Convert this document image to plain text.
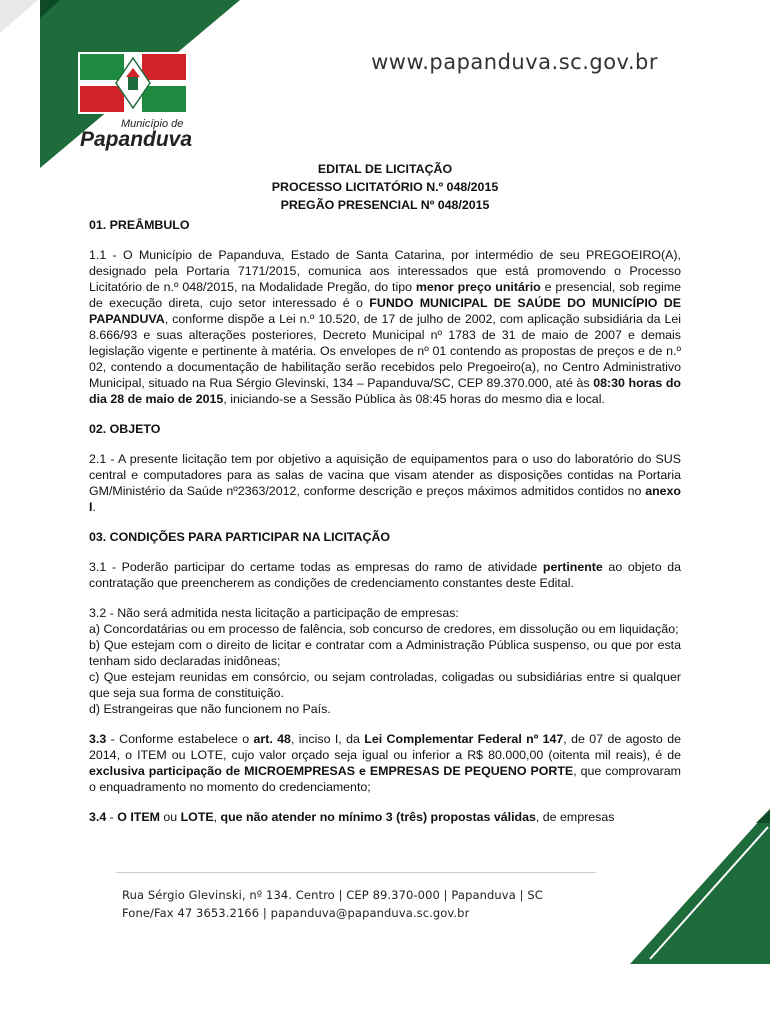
www.papanduva.sc.gov.br
Município de
Papanduva
EDITAL DE LICITAÇÃO
PROCESSO LICITATÓRIO N.º 048/2015
PREGÃO PRESENCIAL Nº 048/2015
01. PREÂMBULO

1.1 - O Município de Papanduva, Estado de Santa Catarina, por intermédio de seu PREGOEIRO(A), designado pela Portaria 7171/2015, comunica aos interessados que está promovendo o Processo Licitatório de n.º 048/2015, na Modalidade Pregão, do tipo menor preço unitário e presencial, sob regime de execução direta, cujo setor interessado é o FUNDO MUNICIPAL DE SAÚDE DO MUNICÍPIO DE PAPANDUVA, conforme dispõe a Lei n.º 10.520, de 17 de julho de 2002, com aplicação subsidiária da Lei 8.666/93 e suas alterações posteriores, Decreto Municipal nº 1783 de 31 de maio de 2007 e demais legislação vigente e pertinente à matéria. Os envelopes de nº 01 contendo as propostas de preços e de n.º 02, contendo a documentação de habilitação serão recebidos pelo Pregoeiro(a), no Centro Administrativo Municipal, situado na Rua Sérgio Glevinski, 134 – Papanduva/SC, CEP 89.370.000, até às 08:30 horas do dia 28 de maio de 2015, iniciando-se a Sessão Pública às 08:45 horas do mesmo dia e local.

02. OBJETO

2.1 - A presente licitação tem por objetivo a aquisição de equipamentos para o uso do laboratório do SUS central e computadores para as salas de vacina que visam atender as disposições contidas na Portaria GM/Ministério da Saúde nº2363/2012, conforme descrição e preços máximos admitidos contidos no anexo I.

03. CONDIÇÕES PARA PARTICIPAR NA LICITAÇÃO

3.1 - Poderão participar do certame todas as empresas do ramo de atividade pertinente ao objeto da contratação que preencherem as condições de credenciamento constantes deste Edital.

3.2 - Não será admitida nesta licitação a participação de empresas:
a) Concordatárias ou em processo de falência, sob concurso de credores, em dissolução ou em liquidação;
b) Que estejam com o direito de licitar e contratar com a Administração Pública suspenso, ou que por esta tenham sido declaradas inidôneas;
c) Que estejam reunidas em consórcio, ou sejam controladas, coligadas ou subsidiárias entre si qualquer que seja sua forma de constituição.
d) Estrangeiras que não funcionem no País.

3.3 - Conforme estabelece o art. 48, inciso I, da Lei Complementar Federal nº 147, de 07 de agosto de 2014, o ITEM ou LOTE, cujo valor orçado seja igual ou inferior a R$ 80.000,00 (oitenta mil reais), é de exclusiva participação de MICROEMPRESAS e EMPRESAS DE PEQUENO PORTE, que comprovaram o enquadramento no momento do credenciamento;

3.4 - O ITEM ou LOTE, que não atender no mínimo 3 (três) propostas válidas, de empresas

Rua Sérgio Glevinski, nº 134. Centro | CEP 89.370-000 | Papanduva | SC
Fone/Fax 47 3653.2166 | papanduva@papanduva.sc.gov.br
